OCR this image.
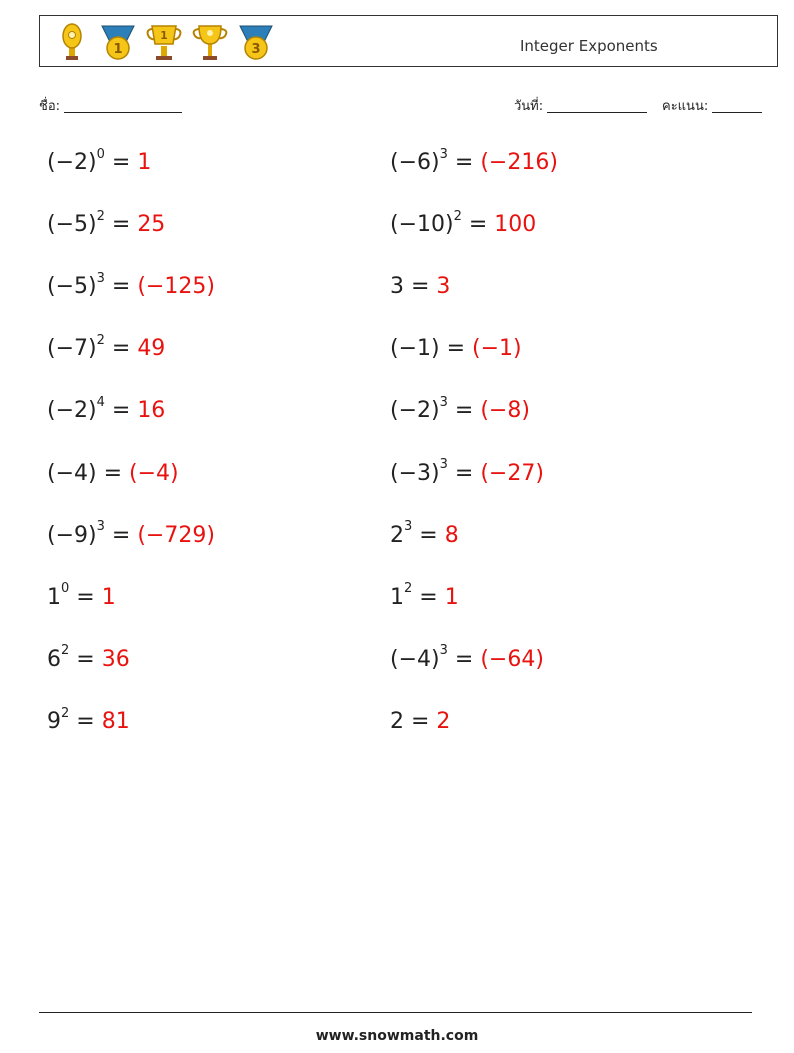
1
1
3	Integer Exponents
ชื่อ:	วันที่:	คะแนน:
$(-2)^0 = 1$	$(-6)^3 = (-216)$
$(-5)^2 = 25$	$(-10)^2 = 100$
$(-5)^3 = (-125)$	3 = 3
$(-7)^2 = 49$	(−1) = (−1)
$(-2)^4 = 16$	$(-2)^3 = (-8)$
(−4) = (−4)	$(-3)^3 = (-27)$
$(-9)^3 = (-729)$	$2^3 = 8$
$1^0 = 1$	$1^2 = 1$
$6^2 = 36$	$(-4)^3 = (-64)$
$9^2 = 81$	2 = 2
www.snowmath.com
